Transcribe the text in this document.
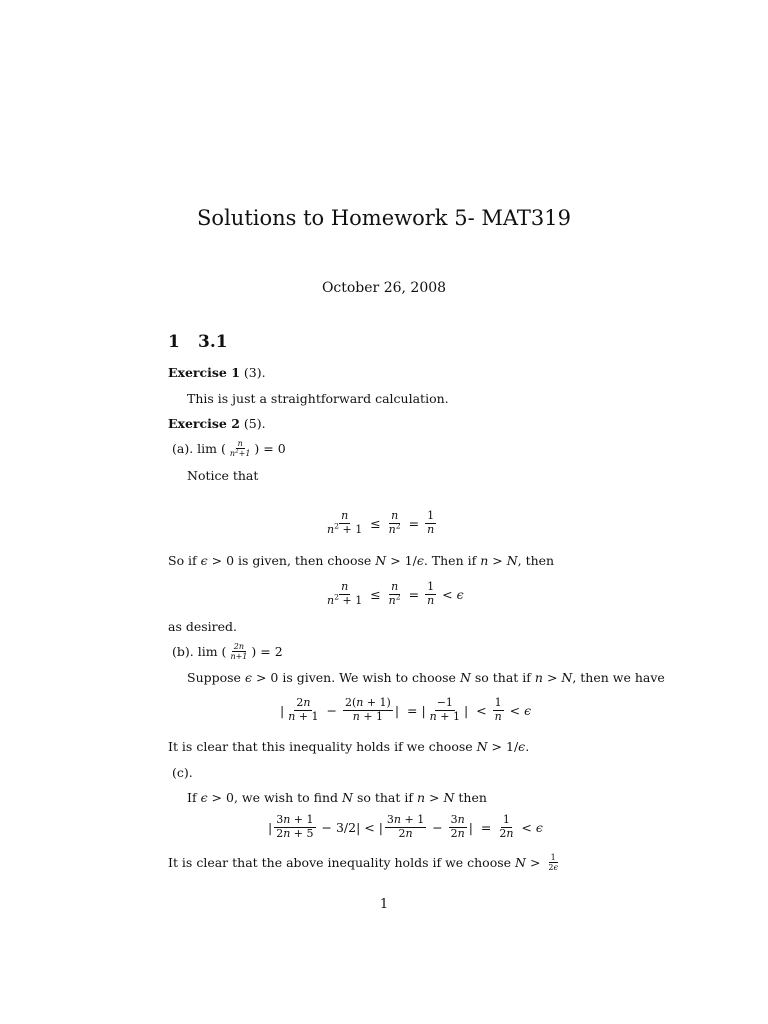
Solutions to Homework 5- MAT319
October 26, 2008
1 3.1
Exercise 1 (3).
This is just a straightforward calculation.
Exercise 2 (5).
(a).
lim ( $\frac{n}{n^2+1}$ ) = 0
Notice that
$\frac{n}{n^2 + 1} \le \frac{n}{n^2} = \frac{1}{n}$
So if ϵ > 0 is given, then choose N > 1/ϵ. Then if n > N, then
$\frac{n}{n^2 + 1} \le \frac{n}{n^2} = \frac{1}{n} < \epsilon$
as desired.
(b).
lim ( $\frac{2n}{n+1}$ ) = 2
Suppose ϵ > 0 is given. We wish to choose N so that if n > N, then we have
| $\frac{2n}{n + 1} - \frac{2(n + 1)}{n + 1}$ |  = | $\frac{-1}{n + 1}$ |  < $\frac{1}{n} < \epsilon$
It is clear that this inequality holds if we choose N > 1/ϵ.
(c).
If ϵ > 0, we wish to find N so that if n > N then
| $\frac{3n + 1}{2n + 5} - 3/2|$ < | $\frac{3n + 1}{2n} - \frac{3n}{2n}$ |  = $\frac{1}{2n} < \epsilon$
It is clear that the above inequality holds if we choose
$N > \frac{1}{2\epsilon}$
1
